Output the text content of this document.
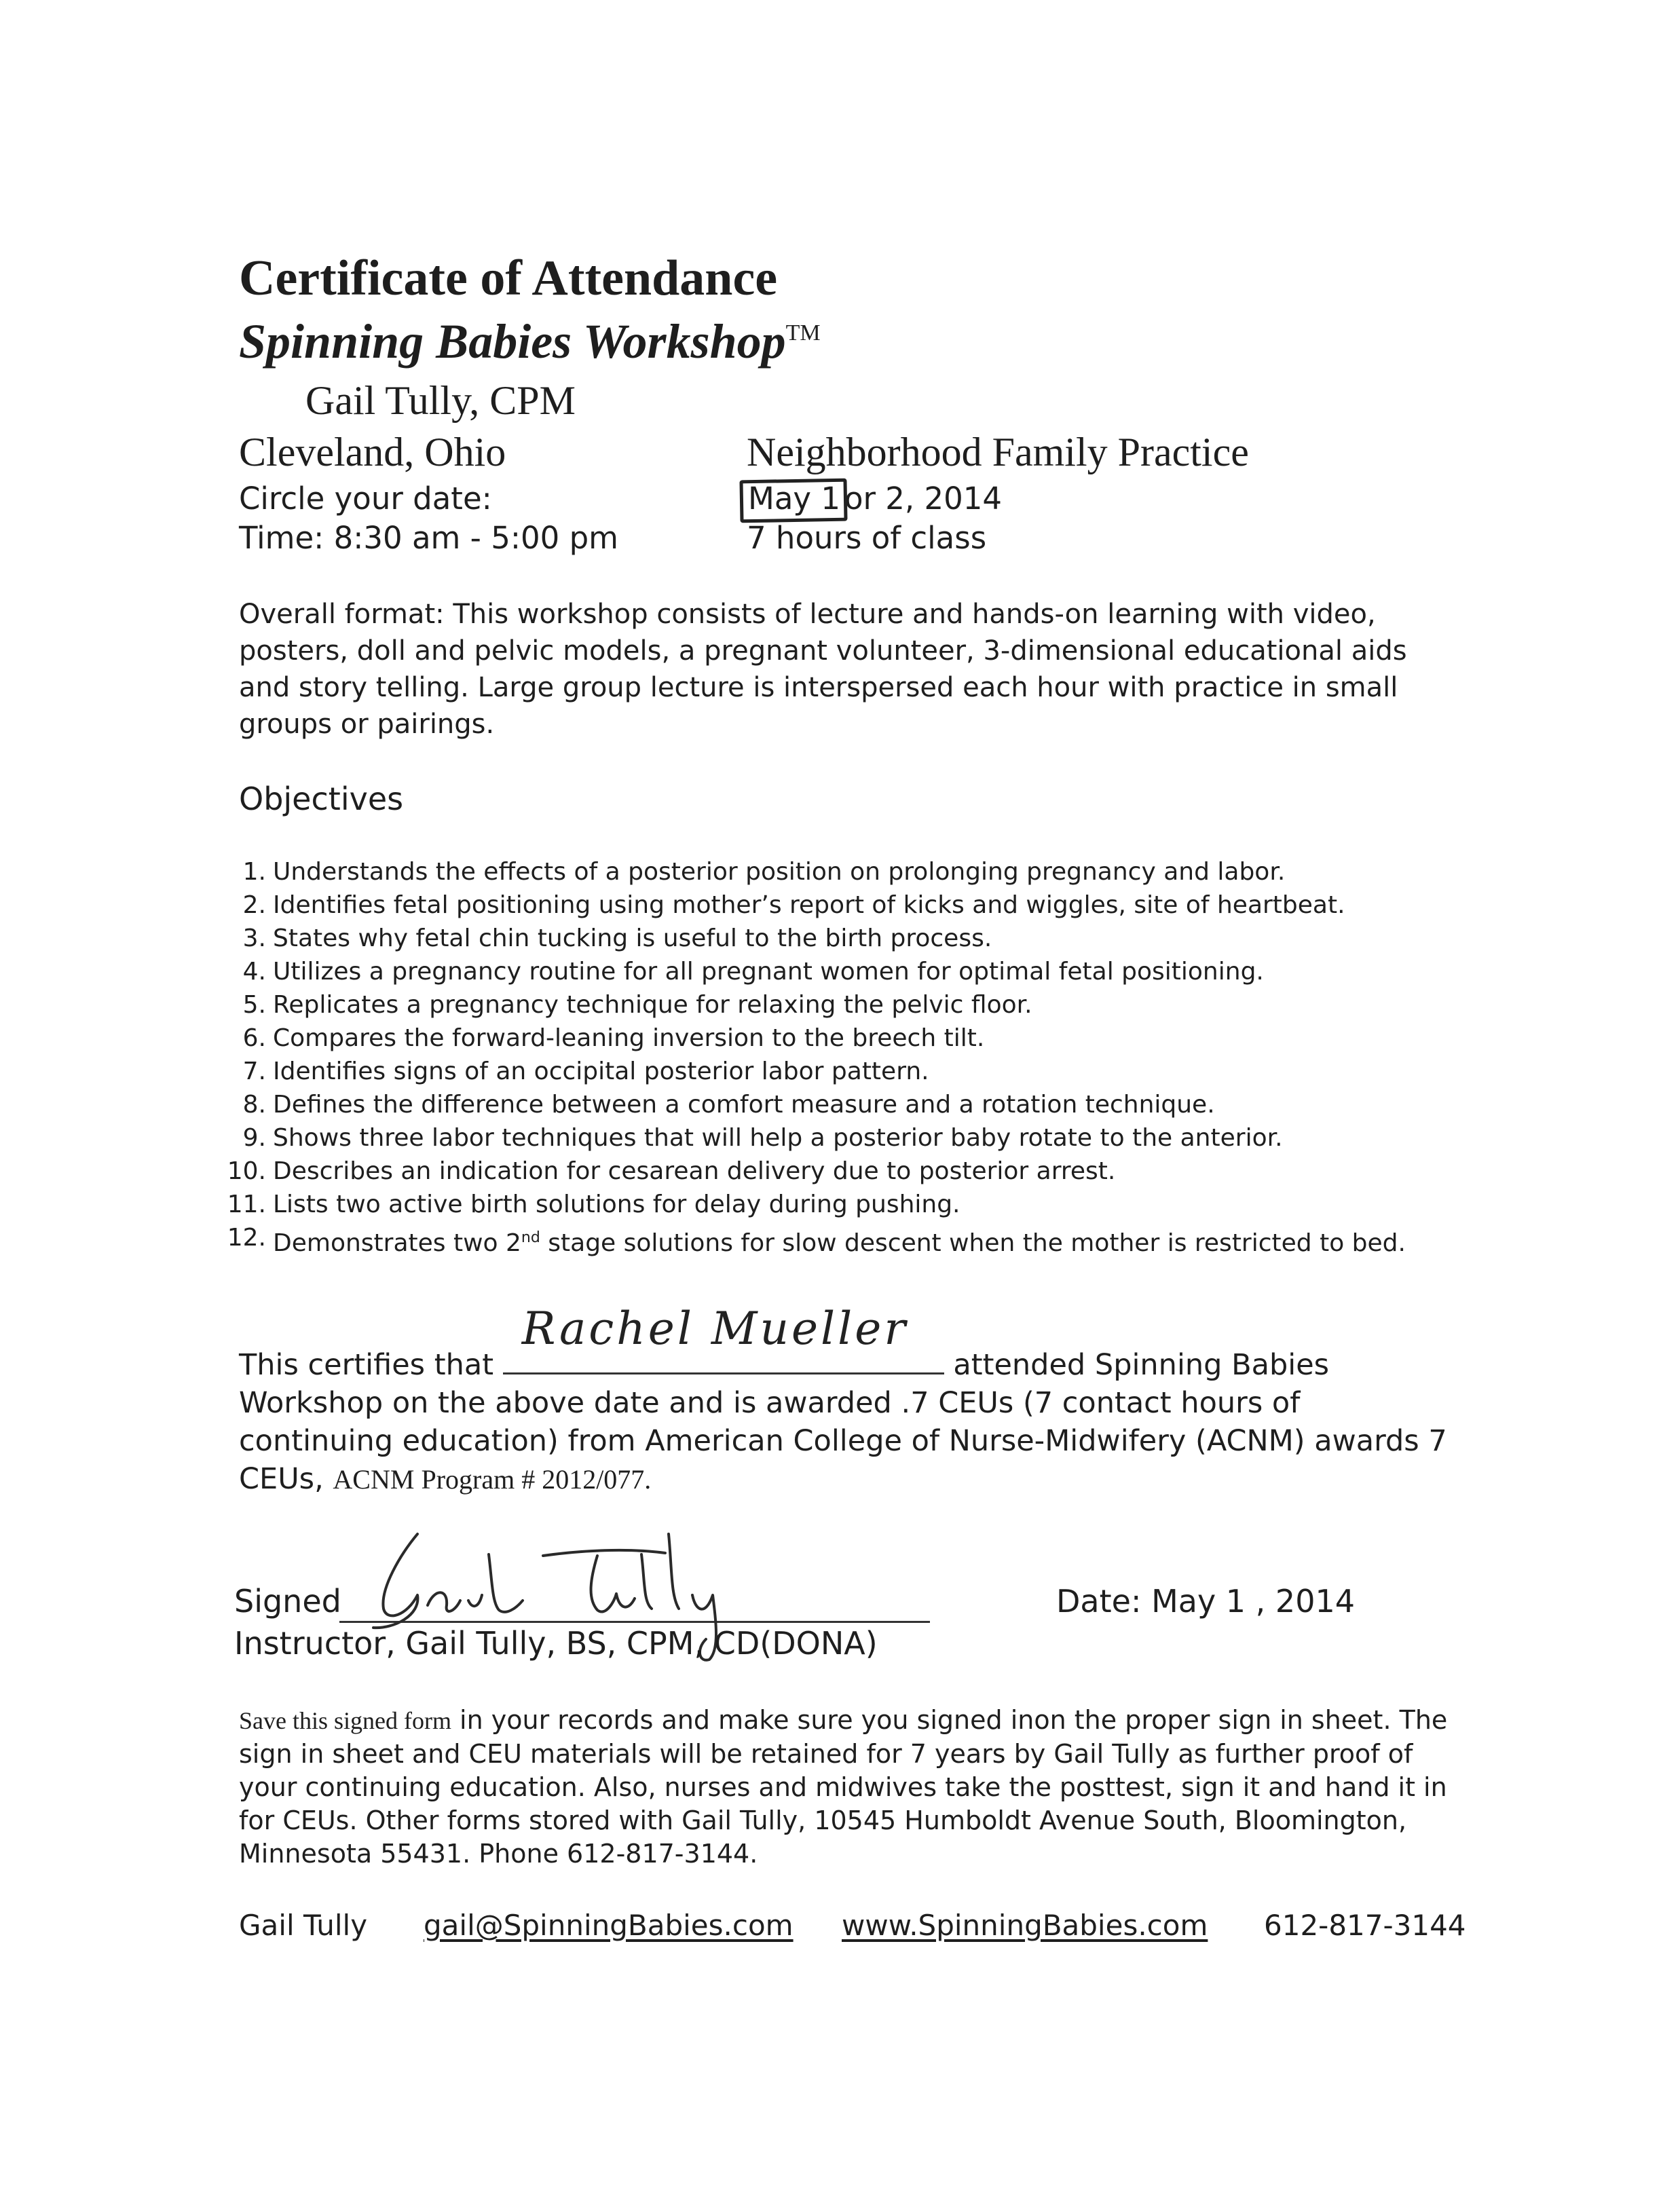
Certificate of Attendance
Spinning Babies Workshop™
Gail Tully, CPM
Cleveland, Ohio	Neighborhood Family Practice
Circle your date:	May 1 or 2, 2014
Time: 8:30 am - 5:00 pm	7 hours of class
Overall format: This workshop consists of lecture and hands-on learning with video, posters, doll and pelvic models, a pregnant volunteer, 3-dimensional educational aids and story telling. Large group lecture is interspersed each hour with practice in small groups or pairings.
Objectives
1. Understands the effects of a posterior position on prolonging pregnancy and labor.
2. Identifies fetal positioning using mother’s report of kicks and wiggles, site of heartbeat.
3. States why fetal chin tucking is useful to the birth process.
4. Utilizes a pregnancy routine for all pregnant women for optimal fetal positioning.
5. Replicates a pregnancy technique for relaxing the pelvic floor.
6. Compares the forward-leaning inversion to the breech tilt.
7. Identifies signs of an occipital posterior labor pattern.
8. Defines the difference between a comfort measure and a rotation technique.
9. Shows three labor techniques that will help a posterior baby rotate to the anterior.
10. Describes an indication for cesarean delivery due to posterior arrest.
11. Lists two active birth solutions for delay during pushing.
12. Demonstrates two 2nd stage solutions for slow descent when the mother is restricted to bed.
This certifies that
Rachel Mueller
attended Spinning Babies Workshop on the above date and is awarded .7 CEUs (7 contact hours of continuing education) from American College of Nurse-Midwifery (ACNM) awards 7 CEUs, ACNM Program # 2012/077.
Signed
Instructor, Gail Tully, BS, CPM, CD(DONA)
Date: May 1 , 2014
Save this signed form in your records and make sure you signed inon the proper sign in sheet. The sign in sheet and CEU materials will be retained for 7 years by Gail Tully as further proof of your continuing education. Also, nurses and midwives take the posttest, sign it and hand it in for CEUs. Other forms stored with Gail Tully, 10545 Humboldt Avenue South, Bloomington, Minnesota 55431. Phone 612-817-3144.
Gail Tully gail@SpinningBabies.com www.SpinningBabies.com 612-817-3144
